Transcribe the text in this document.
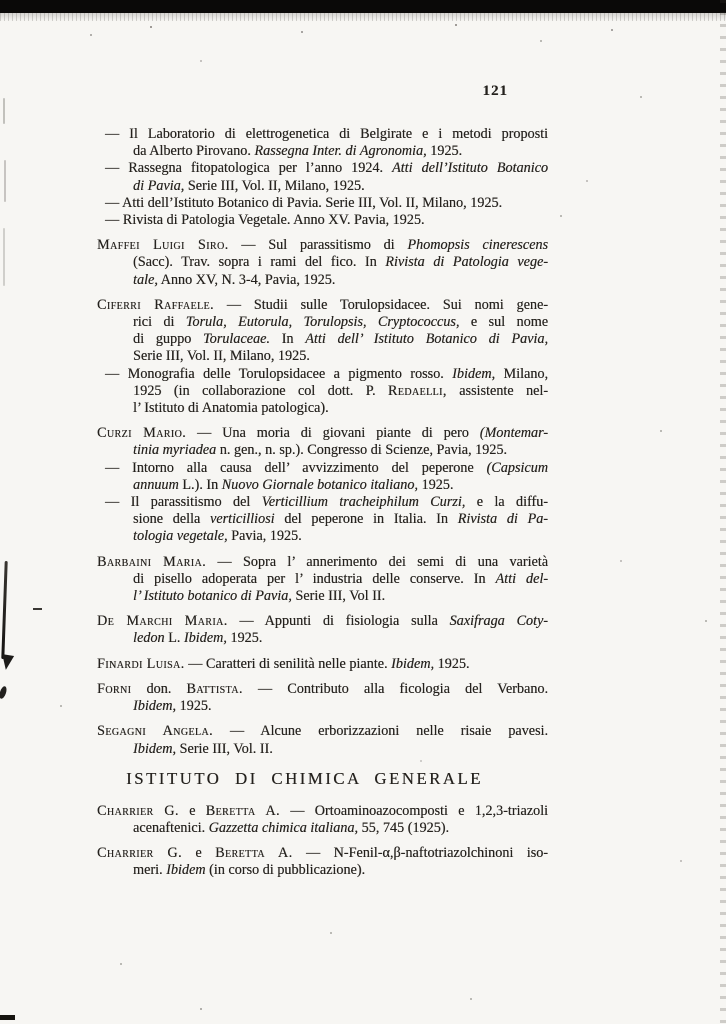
121

— Il Laboratorio di elettrogenetica di Belgirate e i metodi proposti
da Alberto Pirovano. Rassegna Inter. di Agronomia, 1925.

— Rassegna fitopatologica per l’anno 1924. Atti dell’Istituto Botanico
di Pavia, Serie III, Vol. II, Milano, 1925.

— Atti dell’Istituto Botanico di Pavia. Serie III, Vol. II, Milano, 1925.

— Rivista di Patologia Vegetale. Anno XV. Pavia, 1925.

Maffei Luigi Siro. — Sul parassitismo di Phomopsis cinerescens
(Sacc). Trav. sopra i rami del fico. In Rivista di Patologia vege-
tale, Anno XV, N. 3-4, Pavia, 1925.

Ciferri Raffaele. — Studii sulle Torulopsidacee. Sui nomi gene-
rici di Torula, Eutorula, Torulopsis, Cryptococcus, e sul nome
di guppo Torulaceae. In Atti dell’ Istituto Botanico di Pavia,
Serie III, Vol. II, Milano, 1925.

— Monografia delle Torulopsidacee a pigmento rosso. Ibidem, Milano,
1925 (in collaborazione col dott. P. Redaelli, assistente nel-
l’ Istituto di Anatomia patologica).

Curzi Mario. — Una moria di giovani piante di pero (Montemar-
tinia myriadea n. gen., n. sp.). Congresso di Scienze, Pavia, 1925.

— Intorno alla causa dell’ avvizzimento del peperone (Capsicum
annuum L.). In Nuovo Giornale botanico italiano, 1925.

— Il parassitismo del Verticillium tracheiphilum Curzi, e la diffu-
sione della verticilliosi del peperone in Italia. In Rivista di Pa-
tologia vegetale, Pavia, 1925.

Barbaini Maria. — Sopra l’ annerimento dei semi di una varietà
di pisello adoperata per l’ industria delle conserve. In Atti del-
l’ Istituto botanico di Pavia, Serie III, Vol II.

De Marchi Maria. — Appunti di fisiologia sulla Saxifraga Coty-
ledon L. Ibidem, 1925.

Finardi Luisa. — Caratteri di senilità nelle piante. Ibidem, 1925.

Forni don. Battista. — Contributo alla ficologia del Verbano.
Ibidem, 1925.

Segagni Angela. — Alcune erborizzazioni nelle risaie pavesi.
Ibidem, Serie III, Vol. II.

ISTITUTO DI CHIMICA GENERALE

Charrier G. e Beretta A. — Ortoaminoazocomposti e 1,2,3-triazoli
acenaftenici. Gazzetta chimica italiana, 55, 745 (1925).

Charrier G. e Beretta A. — N-Fenil-α,β-naftotriazolchinoni iso-
meri. Ibidem (in corso di pubblicazione).
